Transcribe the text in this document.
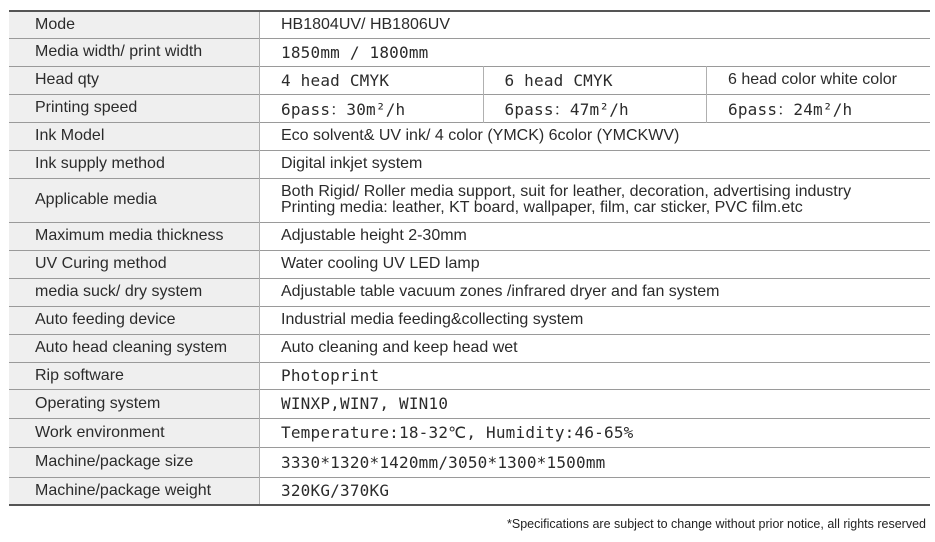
Mode	HB1804UV/ HB1806UV		
Media width/ print width	1850mm / 1800mm		
Head qty	4 head CMYK	6 head CMYK	6 head color white color
Printing speed	6pass：30m²/h	6pass：47m²/h	6pass：24m²/h
Ink Model	Eco solvent& UV ink/ 4 color (YMCK) 6color (YMCKWV)		
Ink supply method	Digital inkjet system		
Applicable media	Both Rigid/ Roller media support, suit for leather, decoration, advertising industry
Printing media: leather, KT board, wallpaper, film, car sticker, PVC film.etc		

Maximum media thickness	Adjustable height 2-30mm		
UV Curing method	Water cooling UV LED lamp		
media suck/ dry system	Adjustable table vacuum zones /infrared dryer and fan system		
Auto feeding device	Industrial media feeding&collecting system		
Auto head cleaning system	Auto cleaning and keep head wet		
Rip software	Photoprint		
Operating system	WINXP,WIN7, WIN10		
Work environment	Temperature:18-32℃, Humidity:46-65%		
Machine/package size	3330*1320*1420mm/3050*1300*1500mm		
Machine/package weight	320KG/370KG		
*Specifications are subject to change without prior notice, all rights reserved
